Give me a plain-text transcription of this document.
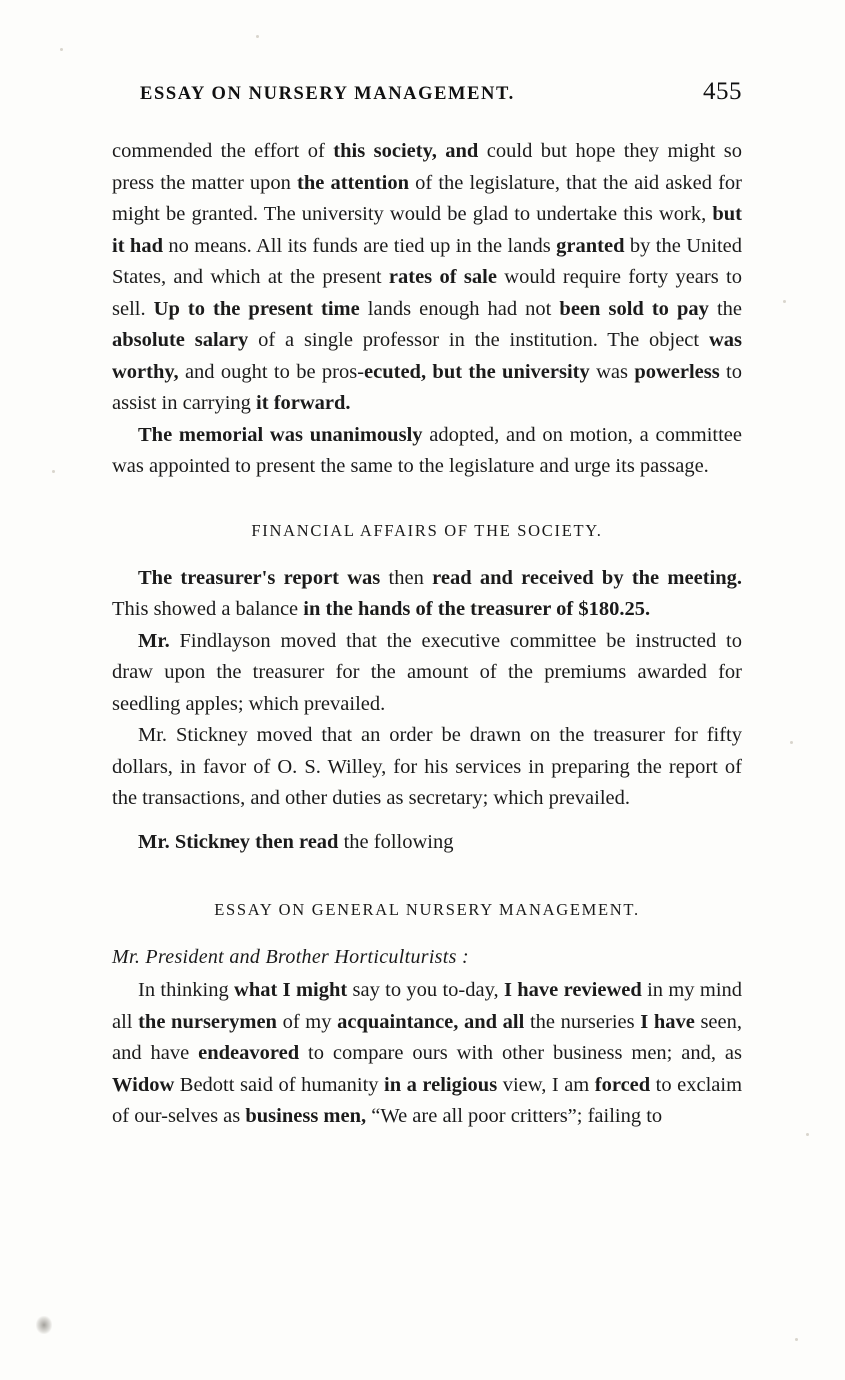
ESSAY ON NURSERY MANAGEMENT.	455

commended the effort of this society, and could but hope they might so press the matter upon the attention of the legislature, that the aid asked for might be granted. The university would be glad to undertake this work, but it had no means. All its funds are tied up in the lands granted by the United States, and which at the present rates of sale would require forty years to sell. Up to the present time lands enough had not been sold to pay the absolute salary of a single professor in the institution. The object was worthy, and ought to be pros-ecuted, but the university was powerless to assist in carrying it forward.

The memorial was unanimously adopted, and on motion, a committee was appointed to present the same to the legislature and urge its passage.

FINANCIAL AFFAIRS OF THE SOCIETY.

The treasurer's report was then read and received by the meeting. This showed a balance in the hands of the treasurer of $180.25.

Mr. Findlayson moved that the executive committee be instructed to draw upon the treasurer for the amount of the premiums awarded for seedling apples; which prevailed.

Mr. Stickney moved that an order be drawn on the treasurer for fifty dollars, in favor of O. S. Willey, for his services in preparing the report of the transactions, and other duties as secretary; which prevailed.

Mr. Stickn̵ey then read the following

ESSAY ON GENERAL NURSERY MANAGEMENT.

Mr. President and Brother Horticulturists :

In thinking what I might say to you to-day, I have reviewed in my mind all the nurserymen of my acquaintance, and all the nurseries I have seen, and have endeavored to compare ours with other business men; and, as Widow Bedott said of humanity in a religious view, I am forced to exclaim of our-selves as business men, “We are all poor critters”; failing to
